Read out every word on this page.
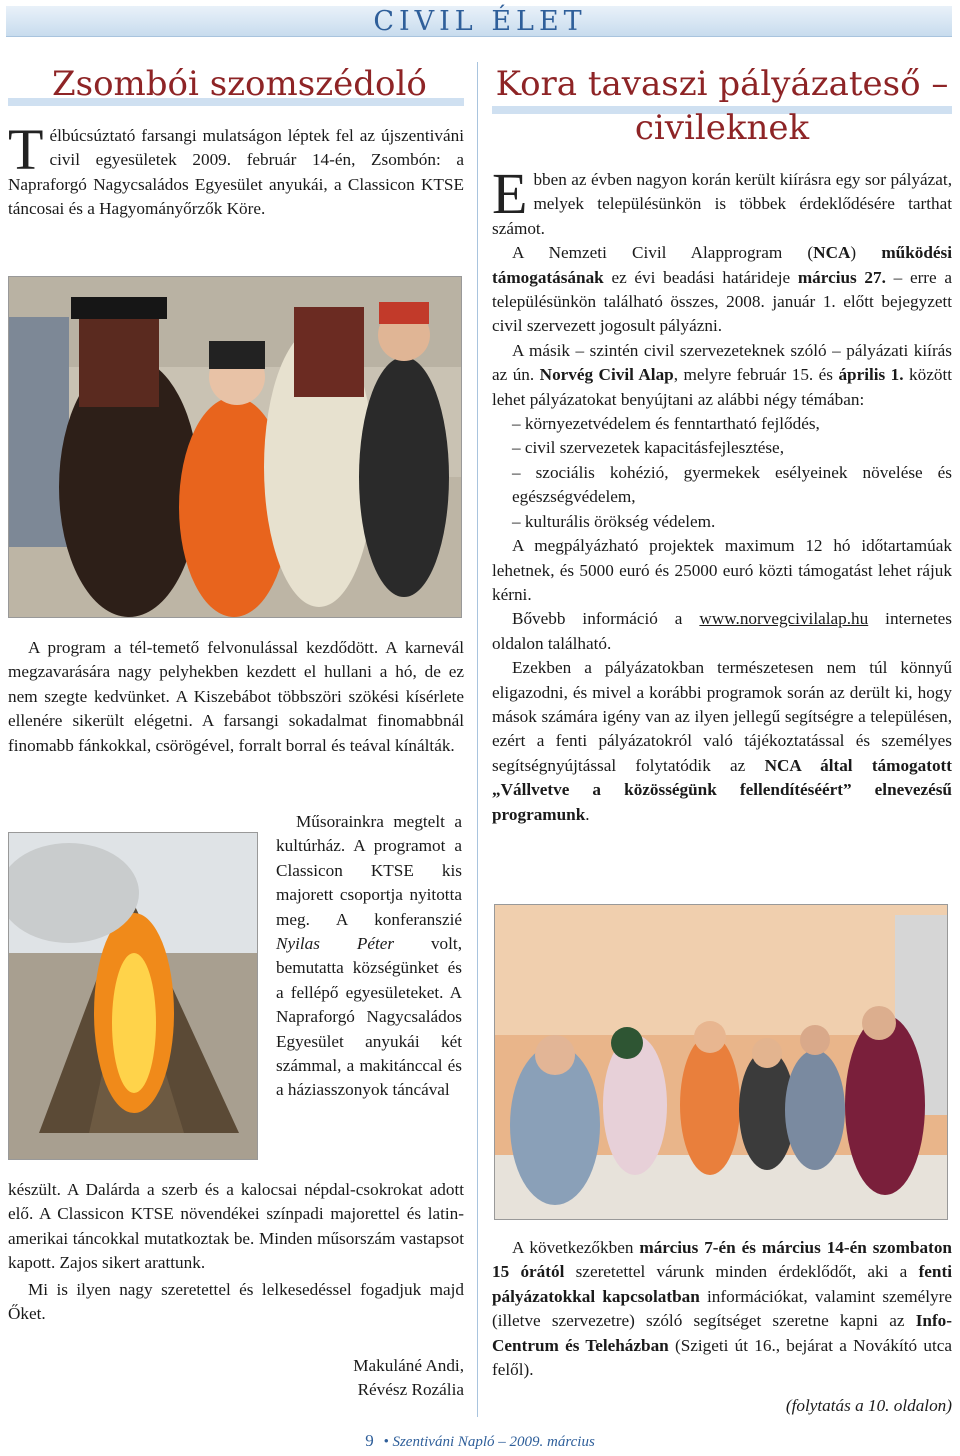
CIVIL ÉLET
Zsombói szomszédoló

Télbúcsúztató farsangi mulatságon léptek fel az újszentiváni civil egyesületek 2009. február 14-én, Zsombón: a Napraforgó Nagycsaládos Egyesület anyukái, a Classicon KTSE táncosai és a Hagyományőrzők Köre.

A program a tél-temető felvonulással kezdődött. A karnevál megzavarására nagy pelyhekben kezdett el hullani a hó, de ez nem szegte kedvünket. A Kiszebábot többszöri szökési kísérlete ellenére sikerült elégetni. A farsangi sokadalmat finomabbnál finomabb fánkokkal, csörögével, forralt borral és teával kínálták.

Műsorainkra megtelt a kultúrház. A programot a Classicon KTSE kis majorett csoportja nyitotta meg. A konferanszié Nyilas Péter volt, bemutatta községünket és a fellépő egyesületeket. A Napraforgó Nagycsaládos Egyesület anyukái két számmal, a makitánccal és a háziasszonyok táncával

készült. A Dalárda a szerb és a kalocsai népdal-csokrokat adott elő. A Classicon KTSE növendékei színpadi majorettel és latin-amerikai táncokkal mutatkoztak be. Minden műsorszám vastapsot kapott. Zajos sikert arattunk.

Mi is ilyen nagy szeretettel és lelkesedéssel fogadjuk majd Őket.

Makuláné Andi,
Révész Rozália
Kora tavaszi pályázateső –
civileknek

Ebben az évben nagyon korán került kiírásra egy sor pályázat, melyek településünkön is többek érdeklődésére tarthat számot.

A Nemzeti Civil Alapprogram (NCA) működési támogatásának ez évi beadási határideje március 27. – erre a településünkön található összes, 2008. január 1. előtt bejegyzett civil szervezett jogosult pályázni.

A másik – szintén civil szervezeteknek szóló – pályázati kiírás az ún. Norvég Civil Alap, melyre február 15. és április 1. között lehet pályázatokat benyújtani az alábbi négy témában:

– környezetvédelem és fenntartható fejlődés,
– civil szervezetek kapacitásfejlesztése,
– szociális kohézió, gyermekek esélyeinek növelése és egészségvédelem,
– kulturális örökség védelem.

A megpályázható projektek maximum 12 hó időtartamúak lehetnek, és 5000 euró és 25000 euró közti támogatást lehet rájuk kérni.

Bővebb információ a www.norvegcivilalap.hu internetes oldalon található.

Ezekben a pályázatokban természetesen nem túl könnyű eligazodni, és mivel a korábbi programok során az derült ki, hogy mások számára igény van az ilyen jellegű segítségre a településen, ezért a fenti pályázatokról való tájékoztatással és személyes segítségnyújtással folytatódik az NCA által támogatott „Vállvetve a közösségünk fellendítéséért” elnevezésű programunk.

A következőkben március 7-én és március 14-én szombaton 15 órától szeretettel várunk minden érdeklődőt, aki a fenti pályázatokkal kapcsolatban információkat, valamint személyre (illetve szervezetre) szóló segítséget szeretne kapni az Info-Centrum és Teleházban (Szigeti út 16., bejárat a Novákító utca felől).

(folytatás a 10. oldalon)
9 • Szentiváni Napló – 2009. március
